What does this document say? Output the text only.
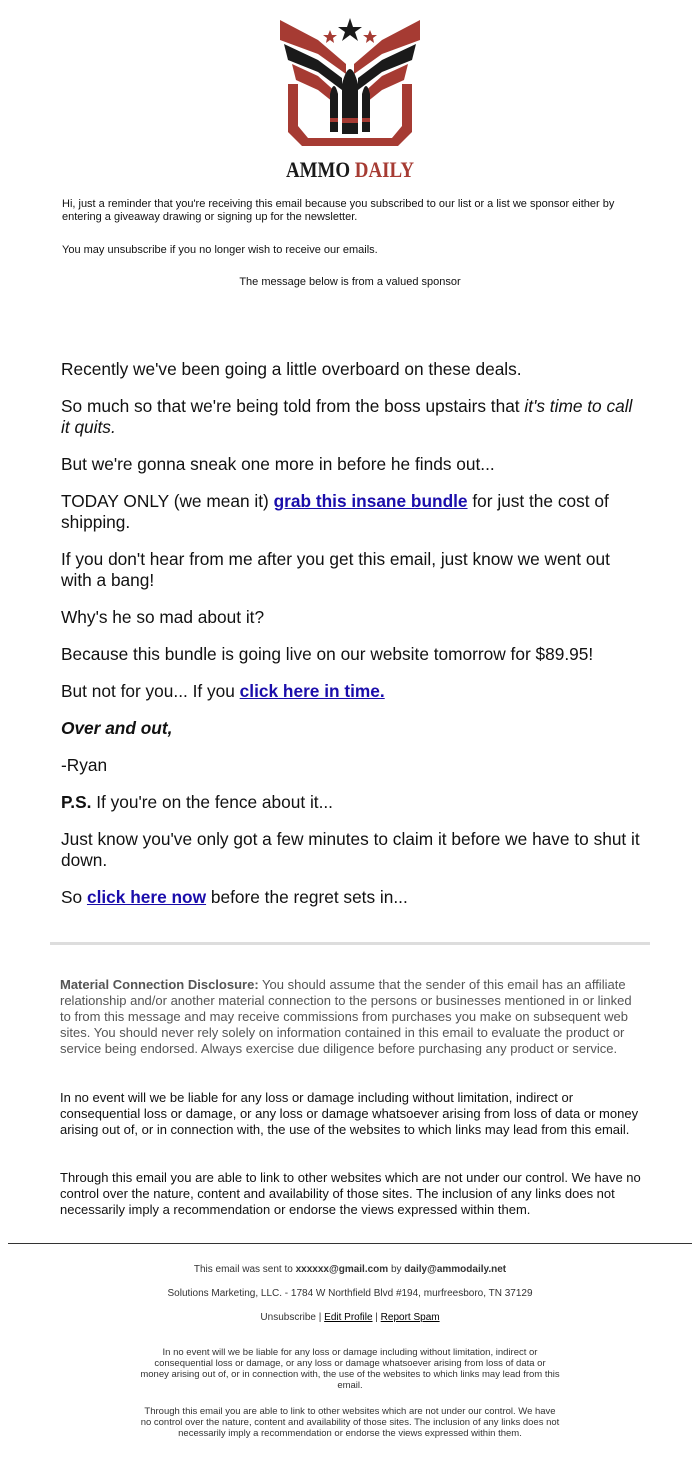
AMMO DAILY
Hi, just a reminder that you're receiving this email because you subscribed to our list or a list we sponsor either by entering a giveaway drawing or signing up for the newsletter.
You may unsubscribe if you no longer wish to receive our emails.
The message below is from a valued sponsor

Recently we've been going a little overboard on these deals.

So much so that we're being told from the boss upstairs that it's time to call it quits.

But we're gonna sneak one more in before he finds out...

TODAY ONLY (we mean it) grab this insane bundle for just the cost of shipping.

If you don't hear from me after you get this email, just know we went out with a bang!

Why's he so mad about it?

Because this bundle is going live on our website tomorrow for $89.95!

But not for you... If you click here in time.

Over and out,

-Ryan

P.S. If you're on the fence about it...

Just know you've only got a few minutes to claim it before we have to shut it down.

So click here now before the regret sets in...

Material Connection Disclosure: You should assume that the sender of this email has an affiliate relationship and/or another material connection to the persons or businesses mentioned in or linked to from this message and may receive commissions from purchases you make on subsequent web sites. You should never rely solely on information contained in this email to evaluate the product or service being endorsed. Always exercise due diligence before purchasing any product or service.
In no event will we be liable for any loss or damage including without limitation, indirect or consequential loss or damage, or any loss or damage whatsoever arising from loss of data or money arising out of, or in connection with, the use of the websites to which links may lead from this email.
Through this email you are able to link to other websites which are not under our control. We have no control over the nature, content and availability of those sites. The inclusion of any links does not necessarily imply a recommendation or endorse the views expressed within them.
This email was sent to xxxxxx@gmail.com by daily@ammodaily.net
Solutions Marketing, LLC. - 1784 W Northfield Blvd #194, murfreesboro, TN 37129
Unsubscribe | Edit Profile | Report Spam
In no event will we be liable for any loss or damage including without limitation, indirect or consequential loss or damage, or any loss or damage whatsoever arising from loss of data or money arising out of, or in connection with, the use of the websites to which links may lead from this email.
Through this email you are able to link to other websites which are not under our control. We have no control over the nature, content and availability of those sites. The inclusion of any links does not necessarily imply a recommendation or endorse the views expressed within them.
